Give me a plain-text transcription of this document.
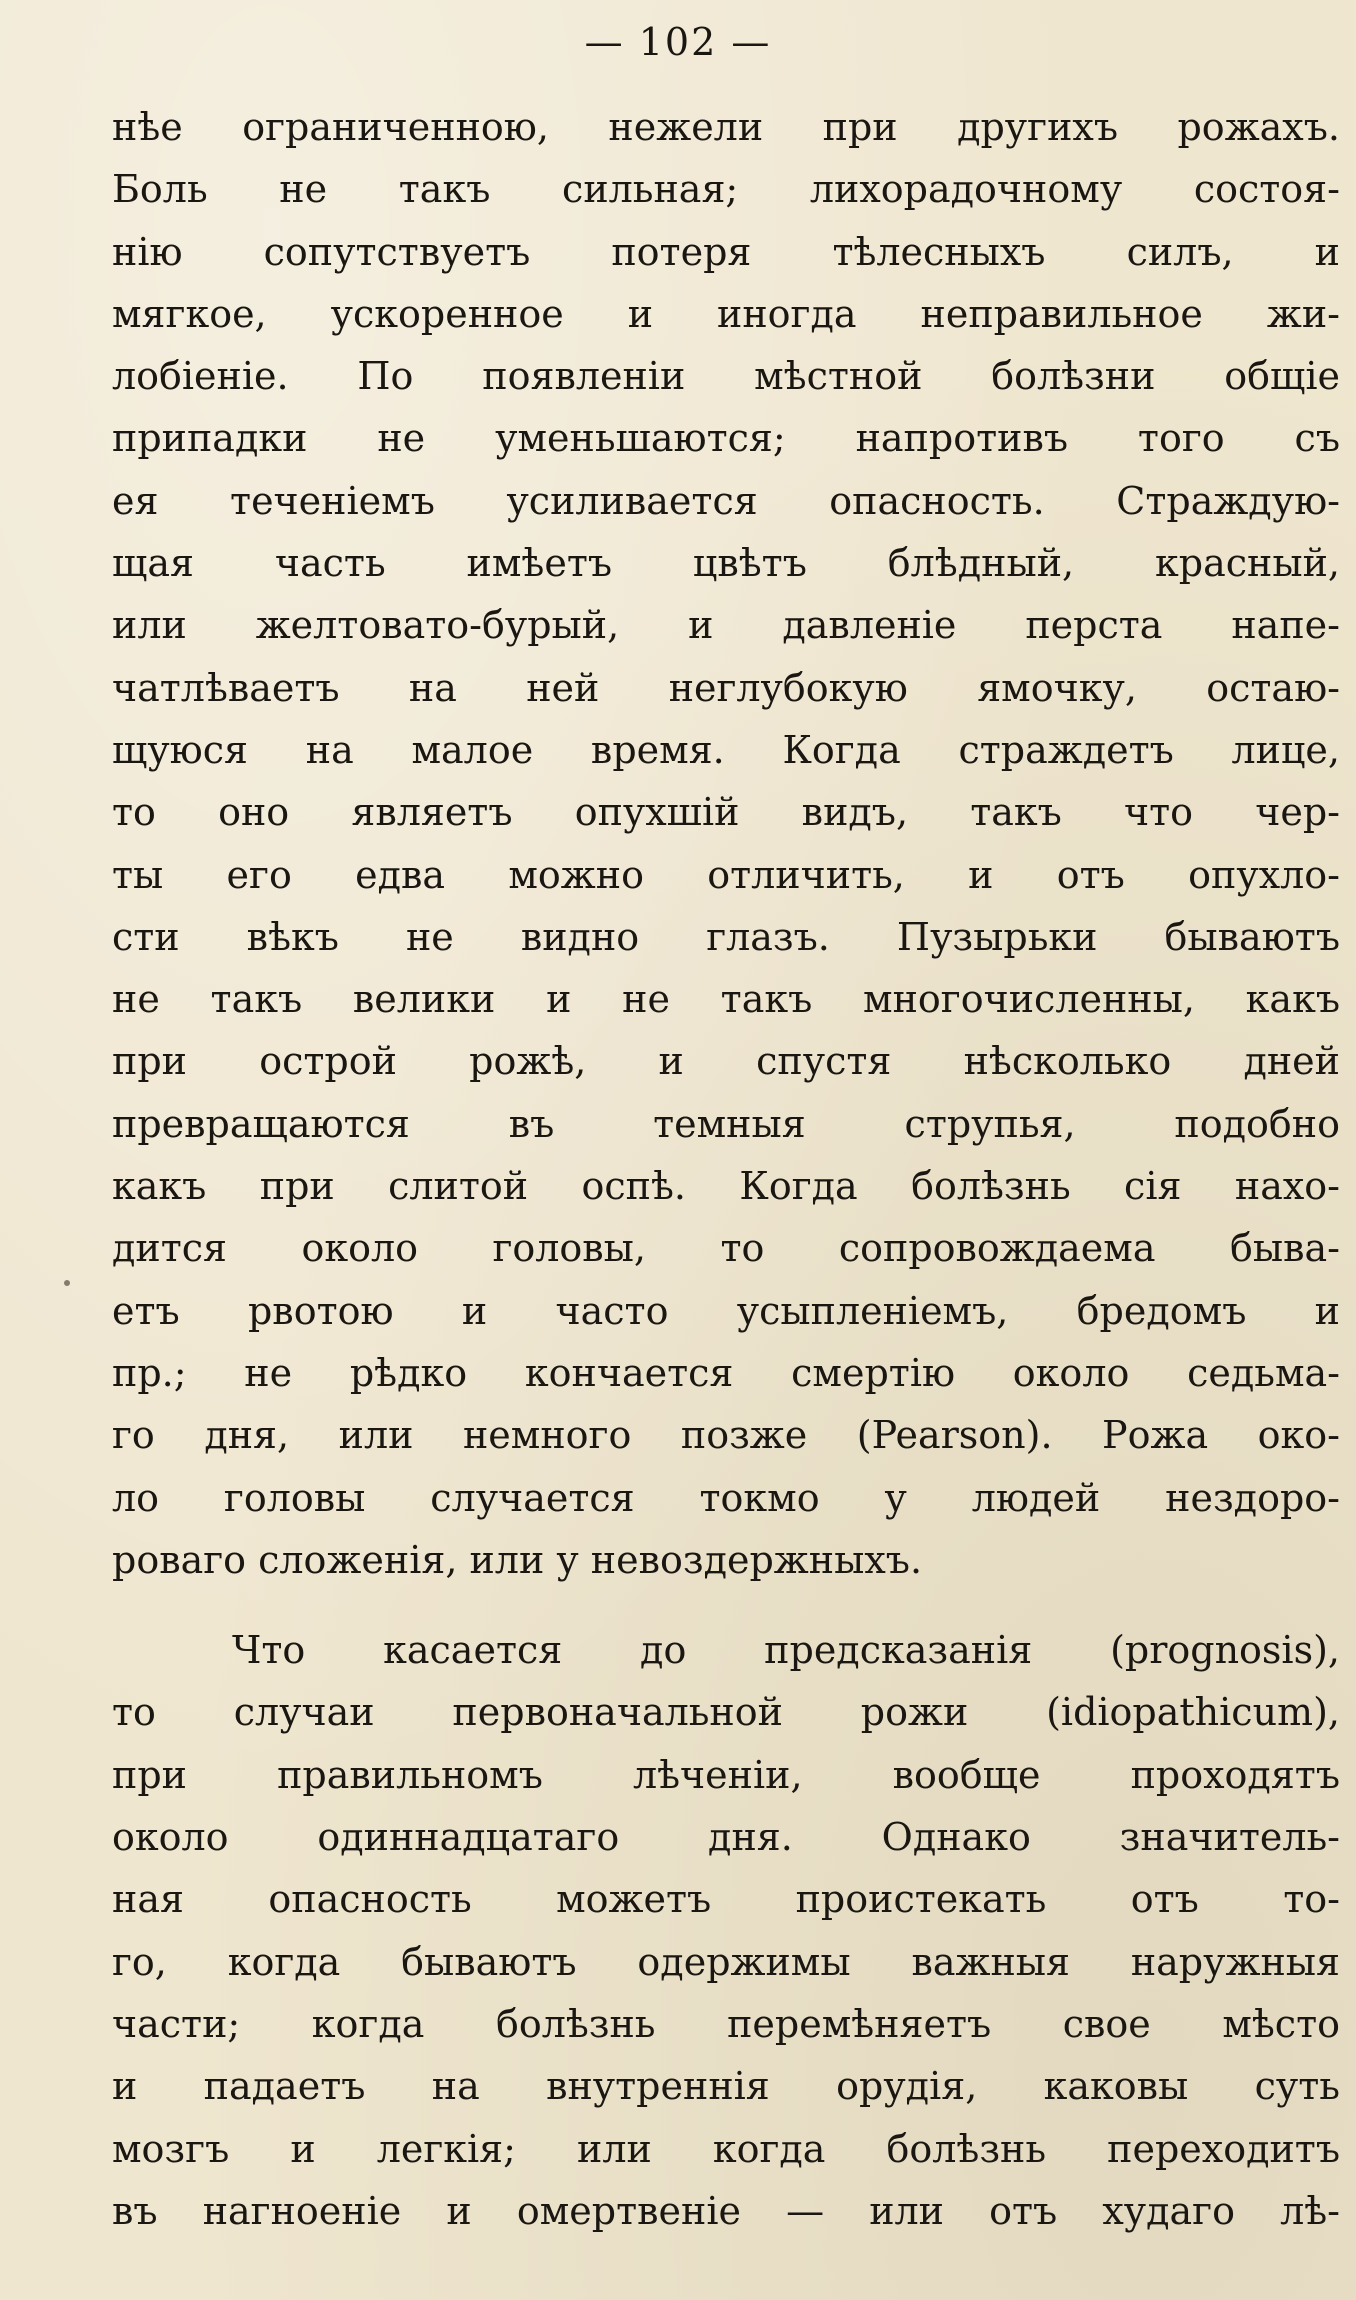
— 102 —
нѣе ограниченною, нежели при другихъ рожахъ.
Боль не такъ сильная; лихорадочному состоя-
нію сопутствуетъ потеря тѣлесныхъ силъ, и
мягкое, ускоренное и иногда неправильное жи-
лобіеніе. По появленіи мѣстной болѣзни общіе
припадки не уменьшаются; напротивъ того съ
ея теченіемъ усиливается опасность. Страждую-
щая часть имѣетъ цвѣтъ блѣдный, красный,
или желтовато-бурый, и давленіе перста напе-
чатлѣваетъ на ней неглубокую ямочку, остаю-
щуюся на малое время. Когда страждетъ лице,
то оно являетъ опухшій видъ, такъ что чер-
ты его едва можно отличить, и отъ опухло-
сти вѣкъ не видно глазъ. Пузырьки бываютъ
не такъ велики и не такъ многочисленны, какъ
при острой рожѣ, и спустя нѣсколько дней
превращаются въ темныя струпья, подобно
какъ при слитой оспѣ. Когда болѣзнь сія нахо-
дится около головы, то сопровождаема быва-
етъ рвотою и часто усыпленіемъ, бредомъ и
пр.; не рѣдко кончается смертію около седьма-
го дня, или немного позже (Pearson). Рожа око-
ло головы случается токмо у людей нездоро-
роваго сложенія, или у невоздержныхъ.
Что касается до предсказанія (prognosis),
то случаи первоначальной рожи (idiopathicum),
при правильномъ лѣченіи, вообще проходятъ
около одиннадцатаго дня. Однако значитель-
ная опасность можетъ проистекать отъ то-
го, когда бываютъ одержимы важныя наружныя
части; когда болѣзнь перемѣняетъ свое мѣсто
и падаетъ на внутреннія орудія, каковы суть
мозгъ и легкія; или когда болѣзнь переходитъ
въ нагноеніе и омертвеніе — или отъ худаго лѣ-
